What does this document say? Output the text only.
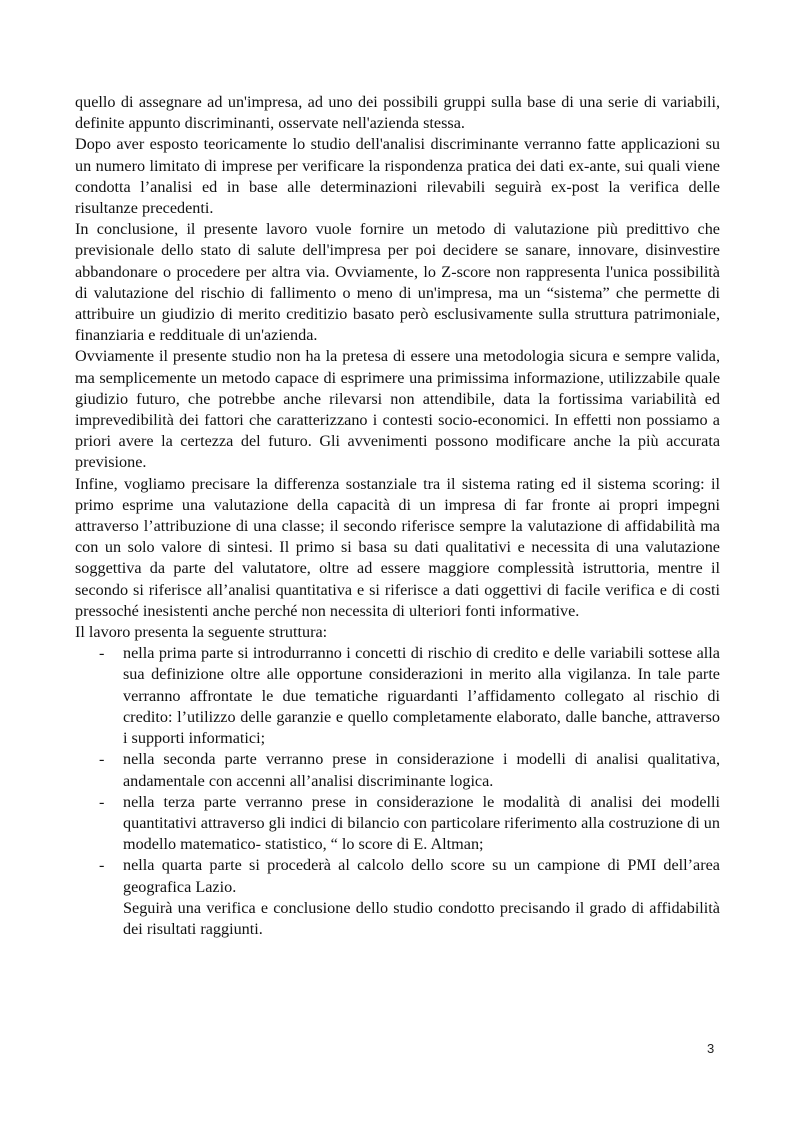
quello di assegnare ad un'impresa, ad uno dei possibili gruppi sulla base di una serie di variabili, definite appunto discriminanti, osservate nell'azienda stessa.

Dopo aver esposto teoricamente lo studio dell'analisi discriminante verranno fatte applicazioni su un numero limitato di imprese per verificare la rispondenza pratica dei dati ex-ante, sui quali viene condotta l’analisi ed in base alle determinazioni rilevabili seguirà ex-post la verifica delle risultanze precedenti.

In conclusione, il presente lavoro vuole fornire un metodo di valutazione più predittivo che previsionale dello stato di salute dell'impresa per poi decidere se sanare, innovare, disinvestire abbandonare o procedere per altra via. Ovviamente, lo Z-score non rappresenta l'unica possibilità di valutazione del rischio di fallimento o meno di un'impresa, ma un “sistema” che permette di attribuire un giudizio di merito creditizio basato però esclusivamente sulla struttura patrimoniale, finanziaria e reddituale di un'azienda.

Ovviamente il presente studio non ha la pretesa di essere una metodologia sicura e sempre valida, ma semplicemente un metodo capace di esprimere una primissima informazione, utilizzabile quale giudizio futuro, che potrebbe anche rilevarsi non attendibile, data la fortissima variabilità ed imprevedibilità dei fattori che caratterizzano i contesti socio-economici. In effetti non possiamo a priori avere la certezza del futuro. Gli avvenimenti possono modificare anche la più accurata previsione.

Infine, vogliamo precisare la differenza sostanziale tra il sistema rating ed il sistema scoring: il primo esprime una valutazione della capacità di un impresa di far fronte ai propri impegni attraverso l’attribuzione di una classe; il secondo riferisce sempre la valutazione di affidabilità ma con un solo valore di sintesi. Il primo si basa su dati qualitativi e necessita di una valutazione soggettiva da parte del valutatore, oltre ad essere maggiore complessità istruttoria, mentre il secondo si riferisce all’analisi quantitativa e si riferisce a dati oggettivi di facile verifica e di costi pressoché inesistenti anche perché non necessita di ulteriori fonti informative.

Il lavoro presenta la seguente struttura:

- nella prima parte si introdurranno i concetti di rischio di credito e delle variabili sottese alla sua definizione oltre alle opportune considerazioni in merito alla vigilanza. In tale parte verranno affrontate le due tematiche riguardanti l’affidamento collegato al rischio di credito: l’utilizzo delle garanzie e quello completamente elaborato, dalle banche, attraverso i supporti informatici;
- nella seconda parte verranno prese in considerazione i modelli di analisi qualitativa, andamentale con accenni all’analisi discriminante logica.
- nella terza parte verranno prese in considerazione le modalità di analisi dei modelli quantitativi attraverso gli indici di bilancio con particolare riferimento alla costruzione di un modello matematico- statistico, “ lo score di E. Altman;
- nella quarta parte si procederà al calcolo dello score su un campione di PMI dell’area geografica Lazio.
Seguirà una verifica e conclusione dello studio condotto precisando il grado di affidabilità dei risultati raggiunti.
3
